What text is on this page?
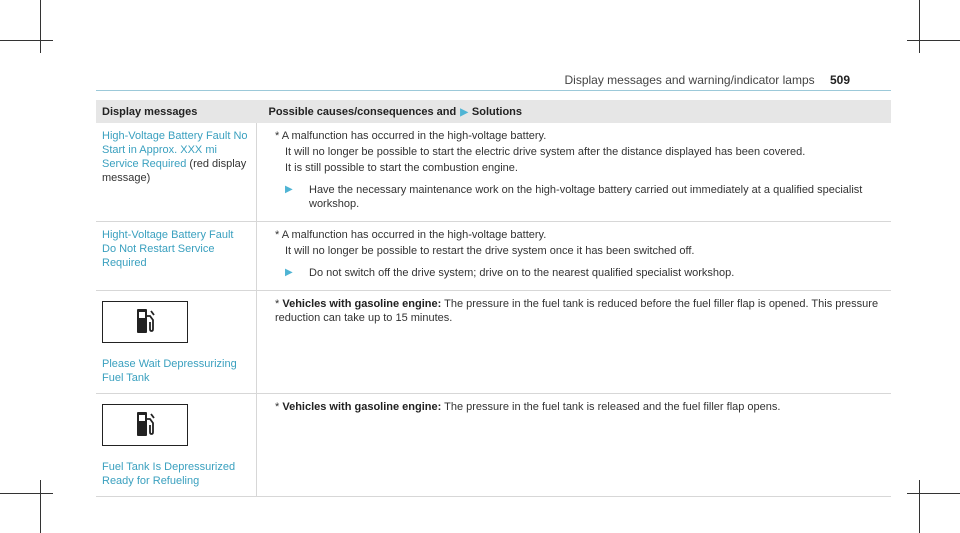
Display messages and warning/indicator lamps 509
Display messages	Possible causes/consequences and ▶ Solutions
High-Voltage Battery Fault No Start in Approx. XXX mi Service Required (red display message)	* A malfunction has occurred in the high-voltage battery.
It will no longer be possible to start the electric drive system after the distance displayed has been covered.
It is still possible to start the combustion engine.
▶ Have the necessary maintenance work on the high-voltage battery carried out immediately at a qualified specialist workshop.

Hight-Voltage Battery Fault Do Not Restart Service Required	* A malfunction has occurred in the high-voltage battery.
It will no longer be possible to restart the drive system once it has been switched off.
▶ Do not switch off the drive system; drive on to the nearest qualified specialist workshop.

Please Wait Depressurizing Fuel Tank	* Vehicles with gasoline engine: The pressure in the fuel tank is reduced before the fuel filler flap is opened. This pressure reduction can take up to 15 minutes.

Fuel Tank Is Depressurized Ready for Refueling	* Vehicles with gasoline engine: The pressure in the fuel tank is released and the fuel filler flap opens.
